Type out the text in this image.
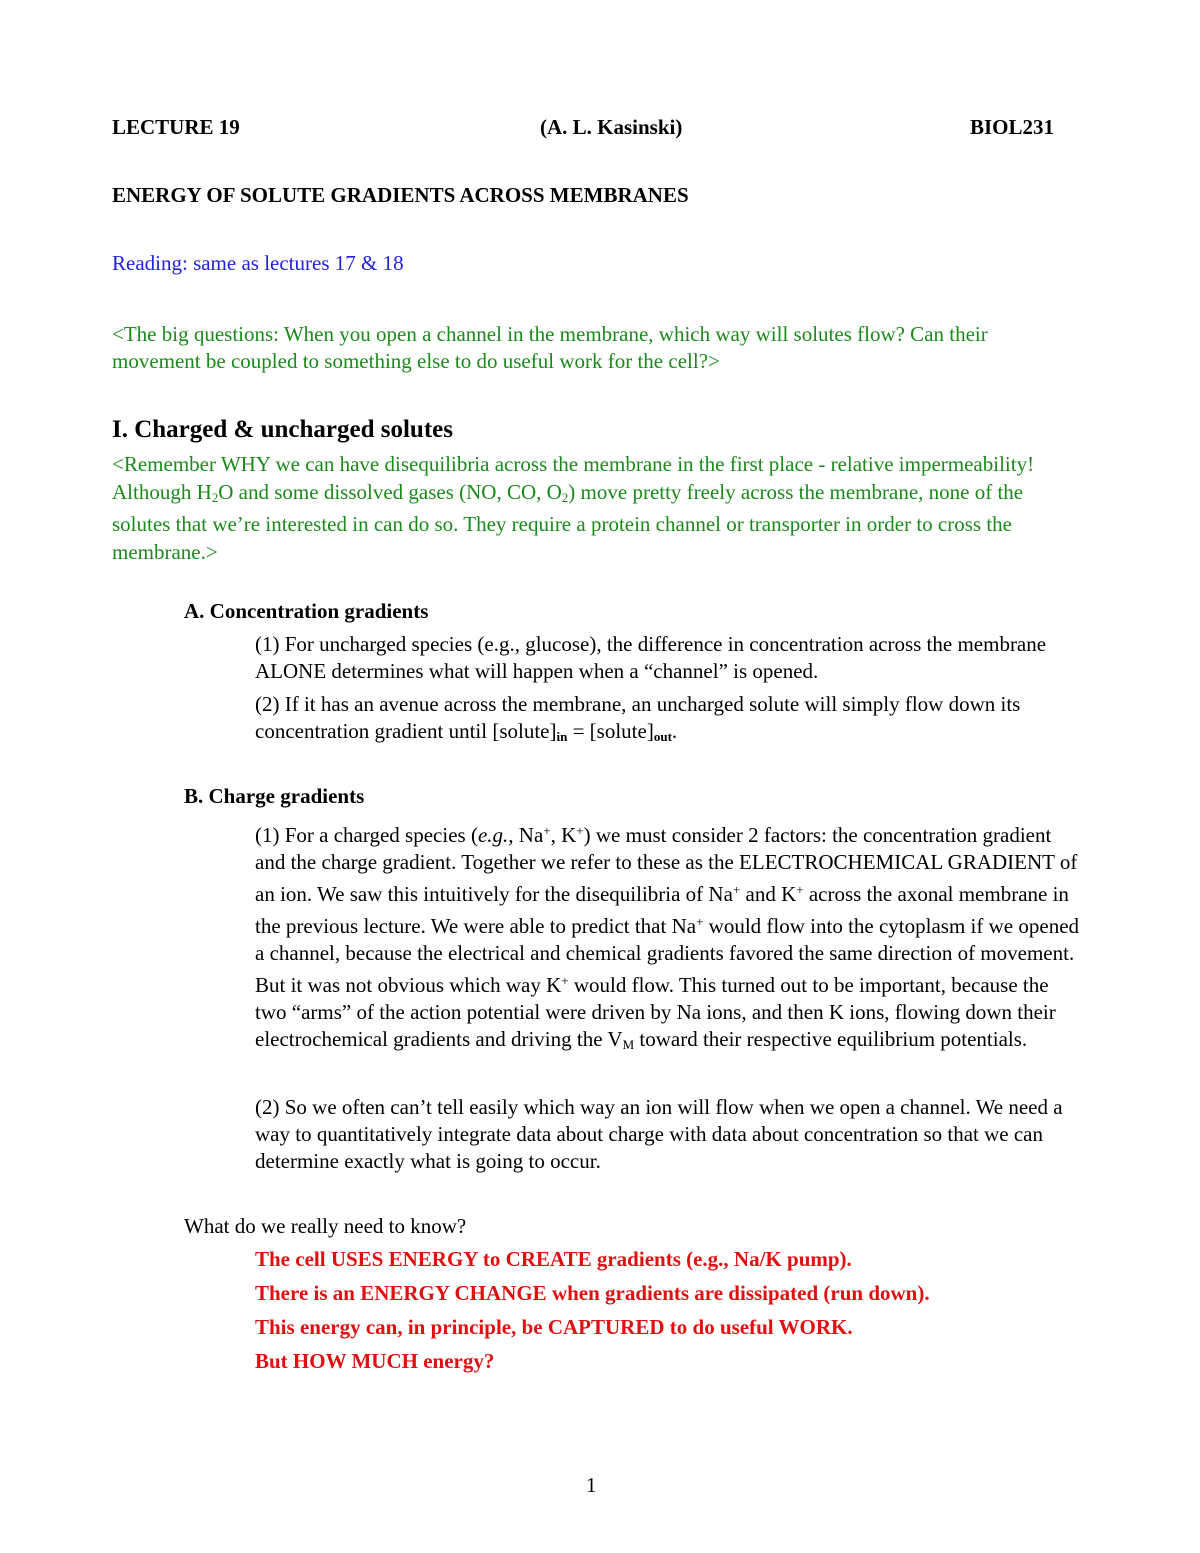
LECTURE 19	(A. L. Kasinski)	BIOL231
ENERGY OF SOLUTE GRADIENTS ACROSS MEMBRANES
Reading: same as lectures 17 & 18
<The big questions: When you open a channel in the membrane, which way will solutes flow? Can their movement be coupled to something else to do useful work for the cell?>
I. Charged & uncharged solutes
<Remember WHY we can have disequilibria across the membrane in the first place - relative impermeability! Although $H_2O$ and some dissolved gases (NO, CO, $O_2$) move pretty freely across the membrane, none of the solutes that we’re interested in can do so. They require a protein channel or transporter in order to cross the membrane.>
A. Concentration gradients
(1) For uncharged species (e.g., glucose), the difference in concentration across the membrane ALONE determines what will happen when a “channel” is opened.
(2) If it has an avenue across the membrane, an uncharged solute will simply flow down its concentration gradient until $[solute]_{in}$ = $[solute]_{out}$.
B. Charge gradients
(1) For a charged species (e.g., Na+, K+) we must consider 2 factors: the concentration gradient and the charge gradient. Together we refer to these as the ELECTROCHEMICAL GRADIENT of an ion. We saw this intuitively for the disequilibria of Na+ and K+ across the axonal membrane in the previous lecture. We were able to predict that Na+ would flow into the cytoplasm if we opened a channel, because the electrical and chemical gradients favored the same direction of movement. But it was not obvious which way K+ would flow. This turned out to be important, because the two “arms” of the action potential were driven by Na ions, and then K ions, flowing down their electrochemical gradients and driving the $V_M$ toward their respective equilibrium potentials.
(2) So we often can’t tell easily which way an ion will flow when we open a channel. We need a way to quantitatively integrate data about charge with data about concentration so that we can determine exactly what is going to occur.
What do we really need to know?
The cell USES ENERGY to CREATE gradients (e.g., Na/K pump).
There is an ENERGY CHANGE when gradients are dissipated (run down).
This energy can, in principle, be CAPTURED to do useful WORK.
But HOW MUCH energy?
1
